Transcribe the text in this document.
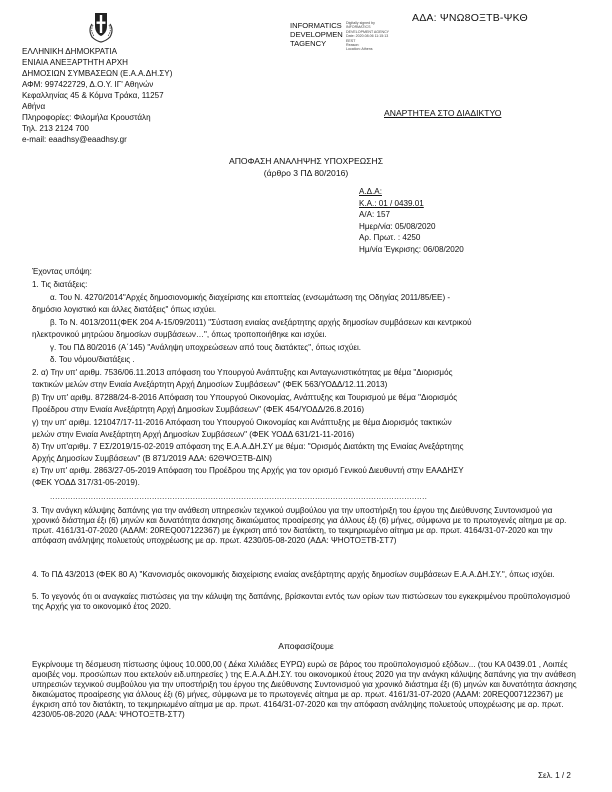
ΑΔΑ: ΨΝΩ8ΟΞΤΒ-ΨΚΘ
INFORMATICS
DEVELOPMEN
TAGENCY
Digitally signed by
INFORMATICS
DEVELOPMENT AGENCY
Date: 2020.08.06 11:15:13
EEST
Reason:
Location: Athens
ΕΛΛΗΝΙΚΗ ΔΗΜΟΚΡΑΤΙΑ
ΕΝΙΑΙΑ ΑΝΕΞΑΡΤΗΤΗ ΑΡΧΗ
ΔΗΜΟΣΙΩΝ ΣΥΜΒΑΣΕΩΝ (Ε.Α.Α.ΔΗ.ΣΥ)
ΑΦΜ: 997422729, Δ.Ο.Υ. ΙΓ' Αθηνών
Κεφαλληνίας 45 & Κόμνα Τράκα, 11257
Αθήνα
Πληροφορίες: Φιλομήλα Κρουστάλη
Τηλ. 213 2124 700
e-mail: eaadhsy@eaadhsy.gr
ΑΝΑΡΤΗΤΕΑ ΣΤΟ ΔΙΑΔΙΚΤΥΟ
ΑΠΟΦΑΣΗ ΑΝΑΛΗΨΗΣ ΥΠΟΧΡΕΩΣΗΣ
(άρθρο 3 ΠΔ 80/2016)
Α.Δ.Α:
Κ.Α.: 01 / 0439.01
Α/Α: 157
Ημερ/νία: 05/08/2020
Αρ. Πρωτ. : 4250
Ημ/νία Έγκρισης: 06/08/2020
Έχοντας υπόψη:
1. Τις διατάξεις:
α. Του Ν. 4270/2014"Αρχές δημοσιονομικής διαχείρισης και εποπτείας (ενσωμάτωση της Οδηγίας 2011/85/ΕΕ) -
δημόσιο λογιστικό και άλλες διατάξεις" όπως ισχύει.
β. Το Ν. 4013/2011(ΦΕΚ 204 Α-15/09/2011) "Σύσταση ενιαίας ανεξάρτητης αρχής δημοσίων συμβάσεων και κεντρικού
ηλεκτρονικού μητρώου δημοσίων συμβάσεων…", όπως τροποποιήθηκε και ισχύει.
γ. Του ΠΔ 80/2016 (Α΄145) "Ανάληψη υποχρεώσεων από τους διατάκτες", όπως ισχύει.
δ. Του νόμου/διατάξεις .
2. α) Την υπ' αριθμ. 7536/06.11.2013 απόφαση του Υπουργού Ανάπτυξης και Ανταγωνιστικότητας με θέμα "Διορισμός
τακτικών μελών στην Ενιαία Ανεξάρτητη Αρχή Δημοσίων Συμβάσεων" (ΦΕΚ 563/ΥΟΔΔ/12.11.2013)
β) Την υπ' αριθμ. 87288/24-8-2016 Απόφαση του Υπουργού Οικονομίας, Ανάπτυξης και Τουρισμού με θέμα "Διορισμός
Προέδρου στην Ενιαία Ανεξάρτητη Αρχή Δημοσίων Συμβάσεων" (ΦΕΚ 454/ΥΟΔΔ/26.8.2016)
γ) την υπ' αριθμ. 121047/17-11-2016 Απόφαση του Υπουργού Οικονομίας και Ανάπτυξης με θέμα Διορισμός τακτικών
μελών στην Ενιαία Ανεξάρτητη Αρχή Δημοσίων Συμβάσεων" (ΦΕΚ ΥΟΔΔ 631/21-11-2016)
δ) Την υπ'αριθμ. 7 ΕΣ/2019/15-02-2019 απόφαση της Ε.Α.Α.ΔΗ.ΣΥ με θέμα: "Ορισμός Διατάκτη της Ενιαίας Ανεξάρτητης
Αρχής Δημοσίων Συμβάσεων" (Β 871/2019 ΑΔΑ: 62ΘΨΟΞΤΒ-ΔΙΝ)
ε) Την υπ' αριθμ. 2863/27-05-2019 Απόφαση του Προέδρου της Αρχής για τον ορισμό Γενικού Διευθυντή στην ΕΑΑΔΗΣΥ
(ΦΕΚ ΥΟΔΔ 317/31-05-2019).
....................................................................................................................................................
3. Την ανάγκη κάλυψης δαπάνης για την ανάθεση υπηρεσιών τεχνικού συμβούλου για την υποστήριξη του έργου της Διεύθυνσης Συντονισμού για χρονικό διάστημα έξι (6) μηνών και δυνατότητα άσκησης δικαιώματος προαίρεσης για άλλους έξι (6) μήνες, σύμφωνα με το πρωτογενές αίτημα με αρ. πρωτ. 4161/31-07-2020 (ΑΔΑΜ: 20REQ007122367) με έγκριση από τον διατάκτη, το τεκμηριωμένο αίτημα με αρ. πρωτ. 4164/31-07-2020 και την απόφαση ανάληψης πολυετούς υποχρέωσης με αρ. πρωτ. 4230/05-08-2020 (ΑΔΑ: ΨΗΟΤΟΞΤΒ-ΣΤ7)
4. Το ΠΔ 43/2013 (ΦΕΚ 80 Α) "Κανονισμός οικονομικής διαχείρισης ενιαίας ανεξάρτητης αρχής δημοσίων συμβάσεων Ε.Α.Α.ΔΗ.ΣΥ.", όπως ισχύει.
5. Το γεγονός ότι οι αναγκαίες πιστώσεις για την κάλυψη της δαπάνης, βρίσκονται εντός των ορίων των πιστώσεων του εγκεκριμένου προϋπολογισμού της Αρχής για το οικονομικό έτος 2020.
Αποφασίζουμε
Εγκρίνουμε τη δέσμευση πίστωσης ύψους 10.000,00 ( Δέκα Χιλιάδες ΕΥΡΩ) ευρώ σε βάρος του προϋπολογισμού εξόδων... (του ΚΑ 0439.01 , Λοιπές αμοιβές νομ. προσώπων που εκτελούν ειδ.υπηρεσίες ) της Ε.Α.Α.ΔΗ.ΣΥ. του οικονομικού έτους 2020 για την ανάγκη κάλυψης δαπάνης για την ανάθεση υπηρεσιών τεχνικού συμβούλου για την υποστήριξη του έργου της Διεύθυνσης Συντονισμού για χρονικό διάστημα έξι (6) μηνών και δυνατότητα άσκησης δικαιώματος προαίρεσης για άλλους έξι (6) μήνες, σύμφωνα με το πρωτογενές αίτημα με αρ. πρωτ. 4161/31-07-2020 (ΑΔΑΜ: 20REQ007122367) με έγκριση από τον διατάκτη, το τεκμηριωμένο αίτημα με αρ. πρωτ. 4164/31-07-2020 και την απόφαση ανάληψης πολυετούς υποχρέωσης με αρ. πρωτ. 4230/05-08-2020 (ΑΔΑ: ΨΗΟΤΟΞΤΒ-ΣΤ7)
Σελ. 1 / 2
